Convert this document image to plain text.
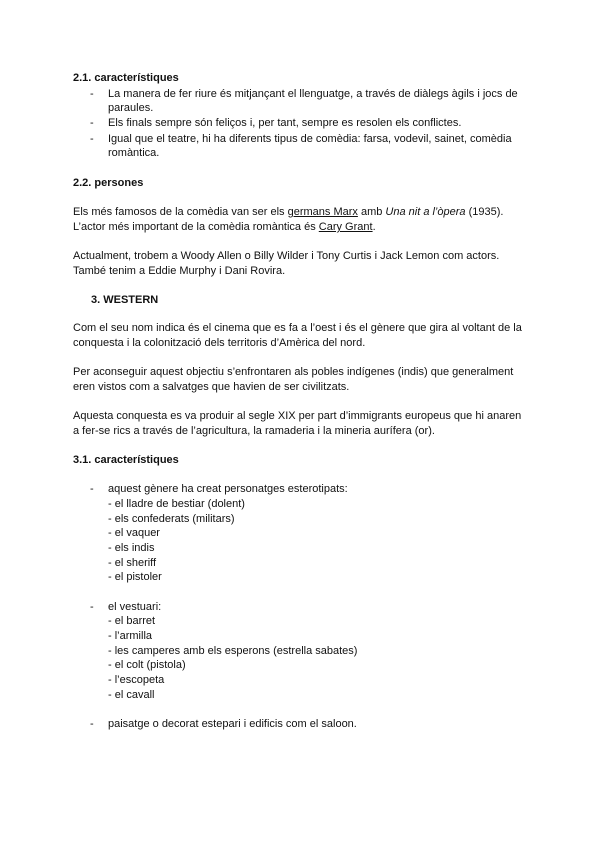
2.1. característiques
- La manera de fer riure és mitjançant el llenguatge, a través de diàlegs àgils i jocs de
paraules.
- Els finals sempre són feliços i, per tant, sempre es resolen els conflictes.
- Igual que el teatre, hi ha diferents tipus de comèdia: farsa, vodevil, sainet, comèdia
romàntica.
2.2. persones
Els més famosos de la comèdia van ser els germans Marx amb Una nit a l’òpera (1935).
L’actor més important de la comèdia romàntica és Cary Grant.
Actualment, trobem a Woody Allen o Billy Wilder i Tony Curtis i Jack Lemon com actors.
També tenim a Eddie Murphy i Dani Rovira.
3. WESTERN
Com el seu nom indica és el cinema que es fa a l’oest i és el gènere que gira al voltant de la
conquesta i la colonització dels territoris d’Amèrica del nord.
Per aconseguir aquest objectiu s’enfrontaren als pobles indígenes (indis) que generalment
eren vistos com a salvatges que havien de ser civilitzats.
Aquesta conquesta es va produir al segle XIX per part d’immigrants europeus que hi anaren
a fer-se rics a través de l’agricultura, la ramaderia i la mineria aurífera (or).
3.1. característiques
- aquest gènere ha creat personatges esterotipats:
- el lladre de bestiar (dolent)
- els confederats (militars)
- el vaquer
- els indis
- el sheriff
- el pistoler
- el vestuari:
- el barret
- l’armilla
- les camperes amb els esperons (estrella sabates)
- el colt (pistola)
- l’escopeta
- el cavall
- paisatge o decorat estepari i edificis com el saloon.
